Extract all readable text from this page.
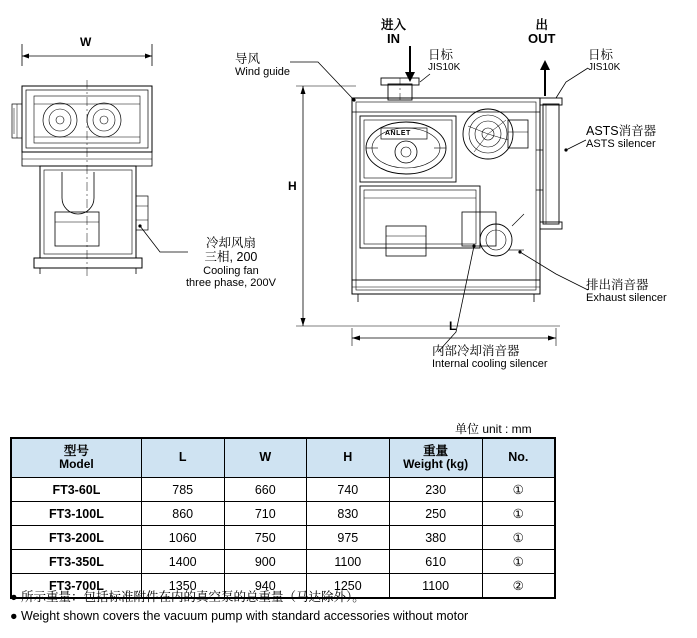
W
H
L
导风
Wind guide
进入
IN
日标
JIS10K
出
OUT
日标
JIS10K
ASTS消音器
ASTS silencer
冷却风扇
三相, 200
Cooling fan
three phase, 200V	排出消音器
Exhaust silencer
内部冷却消音器
Internal cooling silencer
ANLET
单位 unit : mm
型号
Model
	L	W	H	重量
Weight (kg)
	No.
FT3-60L	785	660	740	230	①
FT3-100L	860	710	830	250	①
FT3-200L	1060	750	975	380	①
FT3-350L	1400	900	1100	610	①
FT3-700L	1350	940	1250	1100	②
● 所示重量：包括标准附件在内的真空泵的总重量（马达除外）。
● Weight shown covers the vacuum pump with standard accessories without motor
